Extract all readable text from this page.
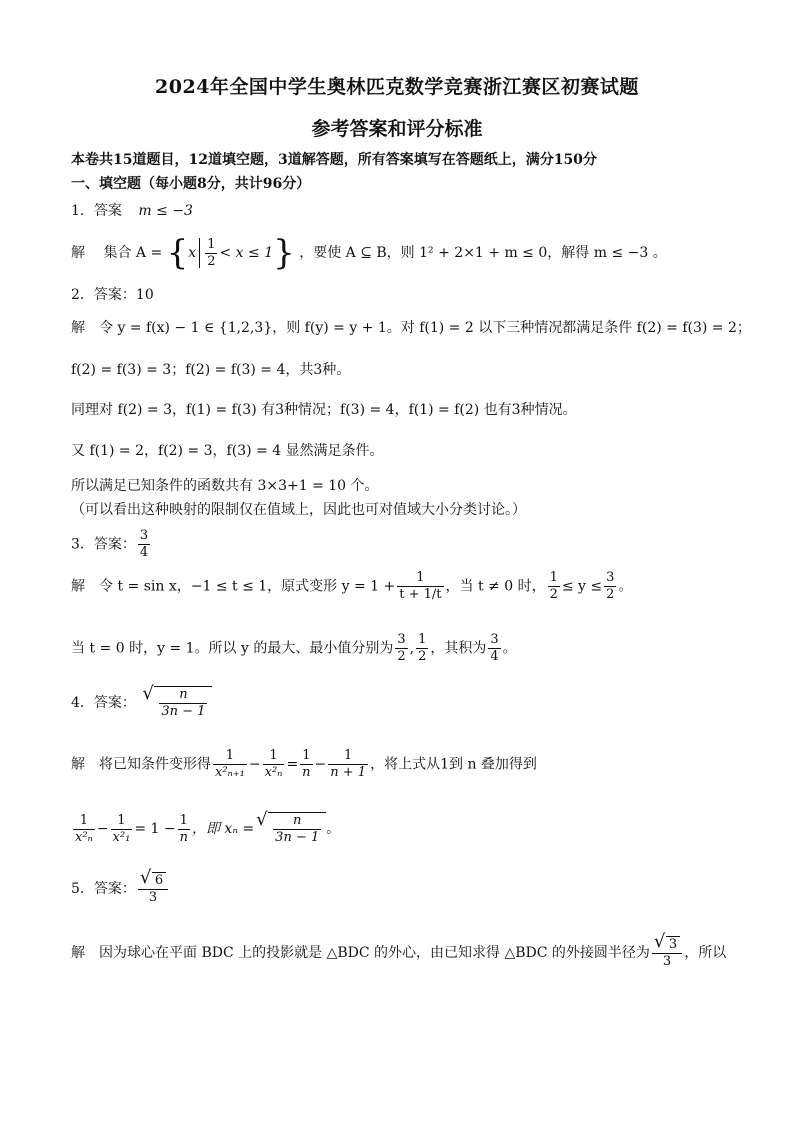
2024年全国中学生奥林匹克数学竞赛浙江赛区初赛试题
参考答案和评分标准
本卷共15道题目，12道填空题，3道解答题，所有答案填写在答题纸上，满分150分
一、填空题（每小题8分，共计96分）
1．答案 m ≤ −3
解 集合 $A = \{x \frac{1}{2} < x \le 1\}$ ，要使 A ⊆ B，则 1² + 2×1 + m ≤ 0，解得 m ≤ −3 。
2．答案：10
解　令 y = f(x) − 1 ∈ {1,2,3}，则 f(y) = y + 1。对 f(1) = 2 以下三种情况都满足条件 f(2) = f(3) = 2；
f(2) = f(3) = 3；f(2) = f(3) = 4，共3种。
同理对 f(2) = 3，f(1) = f(3) 有3种情况；f(3) = 4，f(1) = f(2) 也有3种情况。
又 f(1) = 2，f(2) = 3，f(3) = 4 显然满足条件。
所以满足已知条件的函数共有 3×3+1 = 10 个。
（可以看出这种映射的限制仅在值域上，因此也可对值域大小分类讨论。）
3．答案： $\frac{3}{4}$
解　令 t = sin x，−1 ≤ t ≤ 1，原式变形 $y = 1 + \frac{1}{t + 1/t}$ ，当 t ≠ 0 时， $\frac{1}{2} \le y \le \frac{3}{2}$ 。
当 t = 0 时，y = 1。所以 y 的最大、最小值分别为 $\frac{3}{2}$ , $\frac{1}{2}$ ，其积为 $\frac{3}{4}$ 。
4．答案： √ $\frac{n}{3n - 1}$
解　将已知条件变形得 $\frac{1}{\text{x²ₙ₊₁}} - \frac{1}{\text{x²ₙ}} = \frac{1}{n} - \frac{1}{n + 1}$ ，将上式从1到 n 叠加得到
$\frac{1}{\text{x²ₙ}} - \frac{1}{\text{x²₁}} = 1 - \frac{1}{n}$ ，即 xₙ = √ $\frac{n}{3n - 1}$ 。
5．答案： √ $\frac{6}{3}$
解　因为球心在平面 BDC 上的投影就是 △BDC 的外心，由已知求得 △BDC 的外接圆半径为 √ $\frac{3}{3}$ ，所以
